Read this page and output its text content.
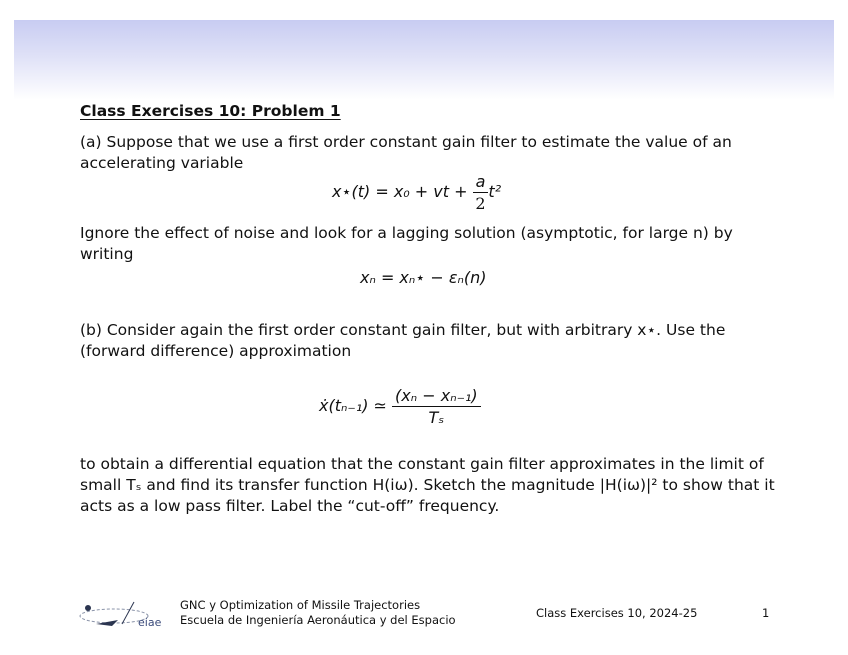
Class Exercises 10: Problem 1
(a) Suppose that we use a first order constant gain filter to estimate the value of an accelerating variable
x⋆(t) = x₀ + vt + $\frac{a}{2} t^2$
Ignore the effect of noise and look for a lagging solution (asymptotic, for large n) by writing
xₙ = xₙ⋆ − εₙ(n)
(b) Consider again the first order constant gain filter, but with arbitrary x⋆. Use the (forward difference) approximation
ẋ(tₙ₋₁) ≃ $\frac{\text{(xₙ − xₙ₋₁)}}{\text{Tₛ}}$
to obtain a differential equation that the constant gain filter approximates in the limit of small Tₛ and find its transfer function H(iω). Sketch the magnitude |H(iω)|² to show that it acts as a low pass filter. Label the “cut-off” frequency.
eiae
GNC y Optimization of Missile Trajectories
Escuela de Ingeniería Aeronáutica y del Espacio	Class Exercises 10, 2024-25	1
